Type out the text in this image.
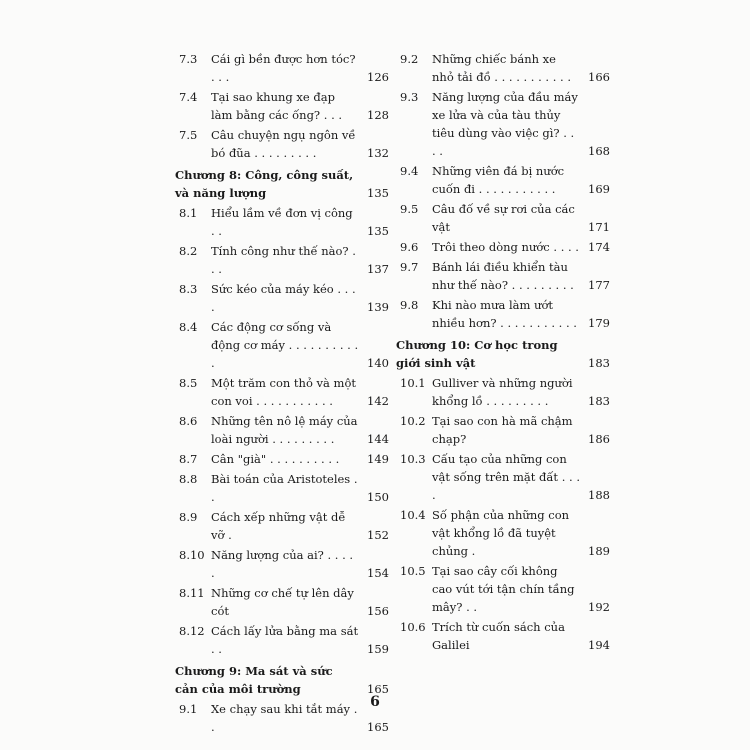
7.3	Cái gì bền được hơn tóc? . . .	126
7.4	Tại sao khung xe đạp làm bằng các ống? . . .	128
7.5	Câu chuyện ngụ ngôn về bó đũa . . . . . . . . .	132
Chương 8: Công, công suất, và năng lượng	135
8.1	Hiểu lầm về đơn vị công . .	135
8.2	Tính công như thế nào? . . .	137
8.3	Sức kéo của máy kéo . . . .	139
8.4	Các động cơ sống và động cơ máy . . . . . . . . . . .	140
8.5	Một trăm con thỏ và một con voi . . . . . . . . . . .	142
8.6	Những tên nô lệ máy của loài người . . . . . . . . .	144
8.7	Cân "già" . . . . . . . . . .	149
8.8	Bài toán của Aristoteles . .	150
8.9	Cách xếp những vật dễ vỡ .	152
8.10 Năng lượng của ai? . . . . .	154
8.11 Những cơ chế tự lên dây cót	156
8.12 Cách lấy lửa bằng ma sát . .	159
Chương 9: Ma sát và sức cản của môi trường	165
9.1	Xe chạy sau khi tắt máy . .	165
9.2	Những chiếc bánh xe nhỏ tải đồ . . . . . . . . . . .	166
9.3	Năng lượng của đầu máy xe lửa và của tàu thủy tiêu dùng vào việc gì? . . . .	168
9.4	Những viên đá bị nước cuốn đi . . . . . . . . . . .	169
9.5	Câu đố về sự rơi của các vật	171
9.6	Trôi theo dòng nước . . . . 174
9.7	Bánh lái điều khiển tàu như thế nào? . . . . . . . . .	177
9.8	Khi nào mưa làm ướt nhiều hơn? . . . . . . . . . . . 179
Chương 10: Cơ học trong giới sinh vật	183
10.1 Gulliver và những người khổng lồ . . . . . . . . .	183
10.2 Tại sao con hà mã chậm chạp?	186
10.3 Cấu tạo của những con vật sống trên mặt đất . . . .	188
10.4 Số phận của những con vật khổng lồ đã tuyệt chủng .	189
10.5 Tại sao cây cối không cao vút tới tận chín tầng mây? . .	192
10.6 Trích từ cuốn sách của Galilei	194
6
